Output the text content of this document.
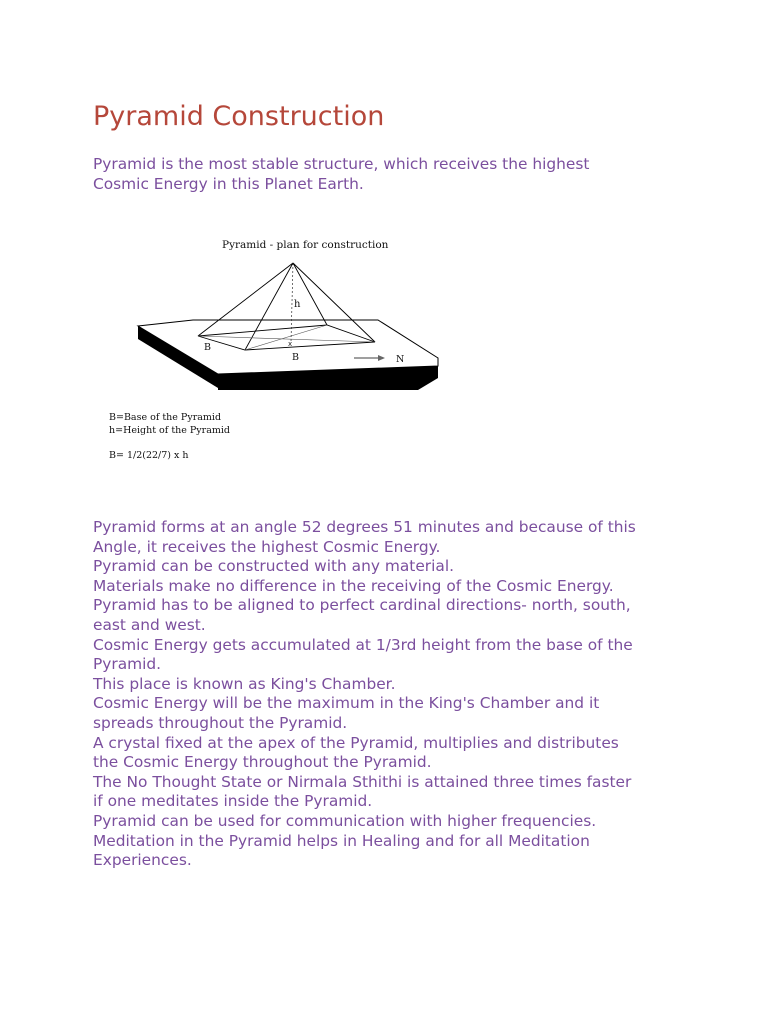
Pyramid Construction

Pyramid is the most stable structure, which receives the highest
Cosmic Energy in this Planet Earth.

Pyramid - plan for construction
h
x
B
B	N
B=Base of the Pyramid
h=Height of the Pyramid
B= 1/2(22/7) x h

Pyramid forms at an angle 52 degrees 51 minutes and because of this
Angle, it receives the highest Cosmic Energy.
Pyramid can be constructed with any material.
Materials make no difference in the receiving of the Cosmic Energy.
Pyramid has to be aligned to perfect cardinal directions- north, south,
east and west.
Cosmic Energy gets accumulated at 1/3rd height from the base of the
Pyramid.
This place is known as King's Chamber.
Cosmic Energy will be the maximum in the King's Chamber and it
spreads throughout the Pyramid.
A crystal fixed at the apex of the Pyramid, multiplies and distributes
the Cosmic Energy throughout the Pyramid.
The No Thought State or Nirmala Sthithi is attained three times faster
if one meditates inside the Pyramid.
Pyramid can be used for communication with higher frequencies.
Meditation in the Pyramid helps in Healing and for all Meditation
Experiences.
